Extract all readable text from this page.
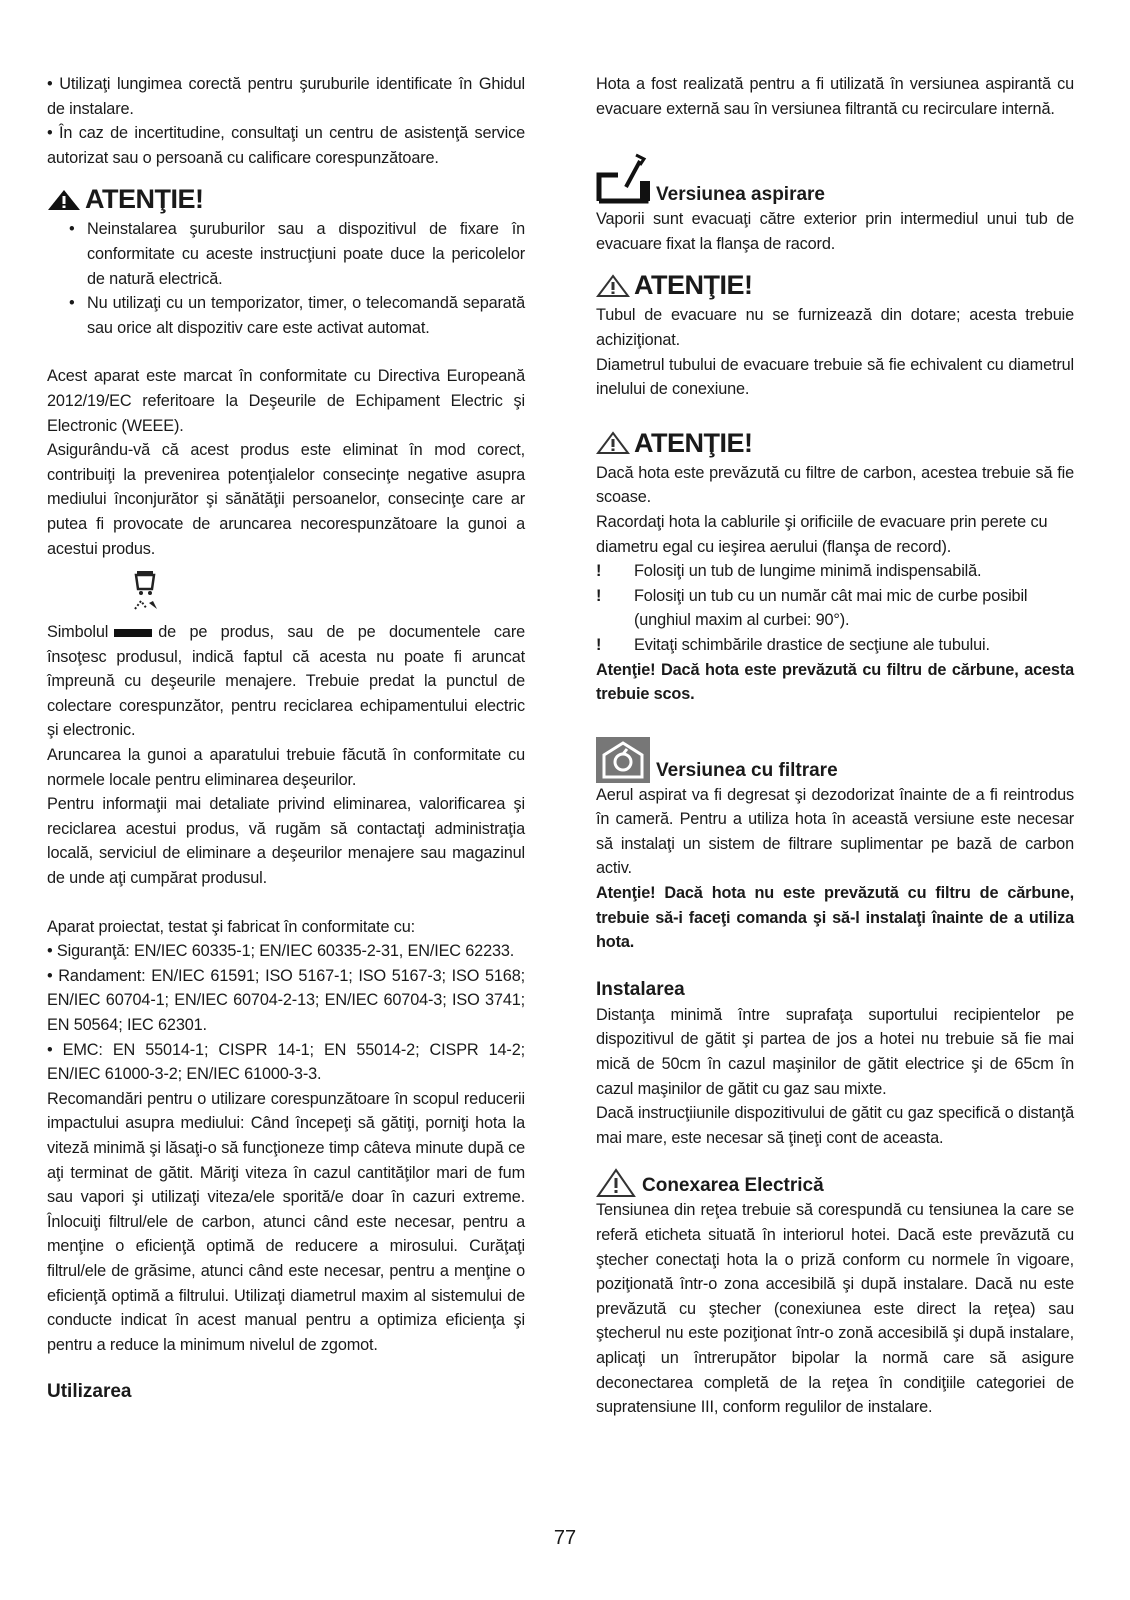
• Utilizaţi lungimea corectă pentru şuruburile identificate în Ghidul de instalare.

• În caz de incertitudine, consultaţi un centru de asistenţă service autorizat sau o persoană cu calificare corespunzătoare.

ATENŢIE!
• Neinstalarea şuruburilor sau a dispozitivul de fixare în conformitate cu aceste instrucţiuni poate duce la pericolelor de natură electrică.
• Nu utilizaţi cu un temporizator, timer, o telecomandă separată sau orice alt dispozitiv care este activat automat.

Acest aparat este marcat în conformitate cu Directiva Europeană 2012/19/EC referitoare la Deşeurile de Echipament Electric şi Electronic (WEEE).

Asigurându-vă că acest produs este eliminat în mod corect, contribuiţi la prevenirea potenţialelor consecinţe negative asupra mediului înconjurător şi sănătăţii persoanelor, consecinţe care ar putea fi provocate de aruncarea necorespunzătoare la gunoi a acestui produs.

Simbolul	de pe produs, sau de pe documentele care însoţesc produsul, indică faptul că acesta nu poate fi aruncat împreună cu deşeurile menajere. Trebuie predat la punctul de colectare corespunzător, pentru reciclarea echipamentului electric şi electronic.

Aruncarea la gunoi a aparatului trebuie făcută în conformitate cu normele locale pentru eliminarea deşeurilor.

Pentru informaţii mai detaliate privind eliminarea, valorificarea şi reciclarea acestui produs, vă rugăm să contactaţi administraţia locală, serviciul de eliminare a deşeurilor menajere sau magazinul de unde aţi cumpărat produsul.

Aparat proiectat, testat şi fabricat în conformitate cu:

• Siguranţă: EN/IEC 60335-1; EN/IEC 60335-2-31, EN/IEC 62233.

• Randament: EN/IEC 61591; ISO 5167-1; ISO 5167-3; ISO 5168; EN/IEC 60704-1; EN/IEC 60704-2-13; EN/IEC 60704-3; ISO 3741; EN 50564; IEC 62301.

• EMC: EN 55014-1; CISPR 14-1; EN 55014-2; CISPR 14-2; EN/IEC 61000-3-2; EN/IEC 61000-3-3.

Recomandări pentru o utilizare corespunzătoare în scopul reducerii impactului asupra mediului: Când începeţi să gătiţi, porniţi hota la viteză minimă şi lăsaţi-o să funcţioneze timp câteva minute după ce aţi terminat de gătit. Măriţi viteza în cazul cantităţilor mari de fum sau vapori şi utilizaţi viteza/ele sporită/e doar în cazuri extreme. Înlocuiţi filtrul/ele de carbon, atunci când este necesar, pentru a menţine o eficienţă optimă de reducere a mirosului. Curăţaţi filtrul/ele de grăsime, atunci când este necesar, pentru a menţine o eficienţă optimă a filtrului. Utilizaţi diametrul maxim al sistemului de conducte indicat în acest manual pentru a optimiza eficienţa şi pentru a reduce la minimum nivelul de zgomot.

Utilizarea

Hota a fost realizată pentru a fi utilizată în versiunea aspirantă cu evacuare externă sau în versiunea filtrantă cu recirculare internă.

Versiunea aspirare

Vaporii sunt evacuaţi către exterior prin intermediul unui tub de evacuare fixat la flanşa de racord.

ATENŢIE!

Tubul de evacuare nu se furnizează din dotare; acesta trebuie achiziţionat.

Diametrul tubului de evacuare trebuie să fie echivalent cu diametrul inelului de conexiune.

ATENŢIE!

Dacă hota este prevăzută cu filtre de carbon, acestea trebuie să fie scoase.

Racordaţi hota la cablurile şi orificiile de evacuare prin perete cu diametru egal cu ieşirea aerului (flanşa de record).

! Folosiţi un tub de lungime minimă indispensabilă.
! Folosiţi un tub cu un număr cât mai mic de curbe posibil (unghiul maxim al curbei: 90°).
! Evitaţi schimbările drastice de secţiune ale tubului.

Atenţie! Dacă hota este prevăzută cu filtru de cărbune, acesta trebuie scos.

Versiunea cu filtrare

Aerul aspirat va fi degresat şi dezodorizat înainte de a fi reintrodus în cameră. Pentru a utiliza hota în această versiune este necesar să instalaţi un sistem de filtrare suplimentar pe bază de carbon activ.

Atenţie! Dacă hota nu este prevăzută cu filtru de cărbune, trebuie să-i faceţi comanda şi să-l instalaţi înainte de a utiliza hota.

Instalarea

Distanţa minimă între suprafaţa suportului recipientelor pe dispozitivul de gătit şi partea de jos a hotei nu trebuie să fie mai mică de 50cm în cazul maşinilor de gătit electrice şi de 65cm în cazul maşinilor de gătit cu gaz sau mixte.

Dacă instrucţiiunile dispozitivului de gătit cu gaz specifică o distanţă mai mare, este necesar să ţineţi cont de aceasta.

Conexarea Electrică

Tensiunea din reţea trebuie să corespundă cu tensiunea la care se referă eticheta situată în interiorul hotei. Dacă este prevăzută cu ştecher conectaţi hota la o priză conform cu normele în vigoare, poziţionată într-o zona accesibilă şi după instalare. Dacă nu este prevăzută cu ştecher (conexiunea este direct la reţea) sau ştecherul nu este poziţionat într-o zonă accesibilă şi după instalare, aplicaţi un întrerupător bipolar la normă care să asigure deconectarea completă de la reţea în condiţiile categoriei de supratensiune III, conform regulilor de instalare.

77
